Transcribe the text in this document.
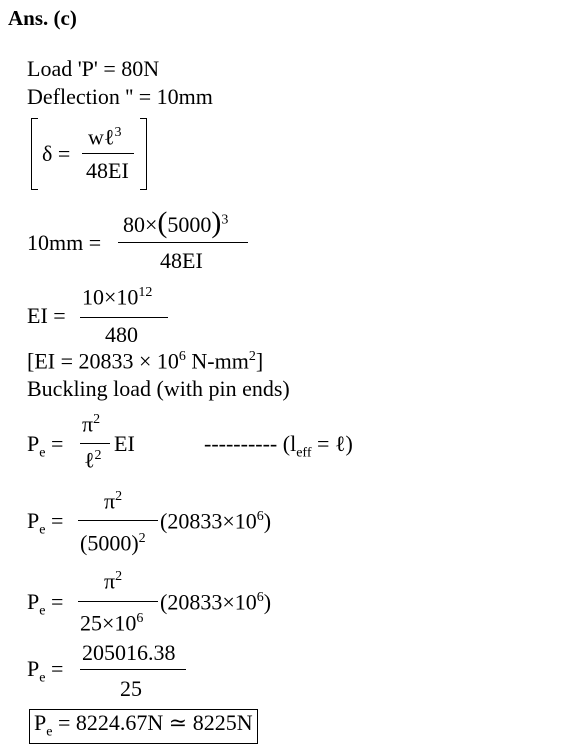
Ans. (c)
Load 'P' = 80N
Deflection '' = 10mm
δ =
wℓ$^3$
48EI
10mm =
$80\times(5000)^3$
48EI
EI =
$10\times 10^{12}$
480
[$EI = 20833 \times 10^6$ $N-mm^2$]
Buckling load (with pin ends)
$P_e$ =
$\pi^2$
ℓ$^2$ EI	---------- ($l_{eff}$ = ℓ)
$P_e$ =
$\pi^2$
$(5000)^2$
$(20833\times 10^6)$
$P_e$ =
$\pi^2$
$25\times 10^6$
$(20833\times 10^6)$
$P_e$ =
205016.38
25
$P_e = 8224.67N$ ≃ 8225N
